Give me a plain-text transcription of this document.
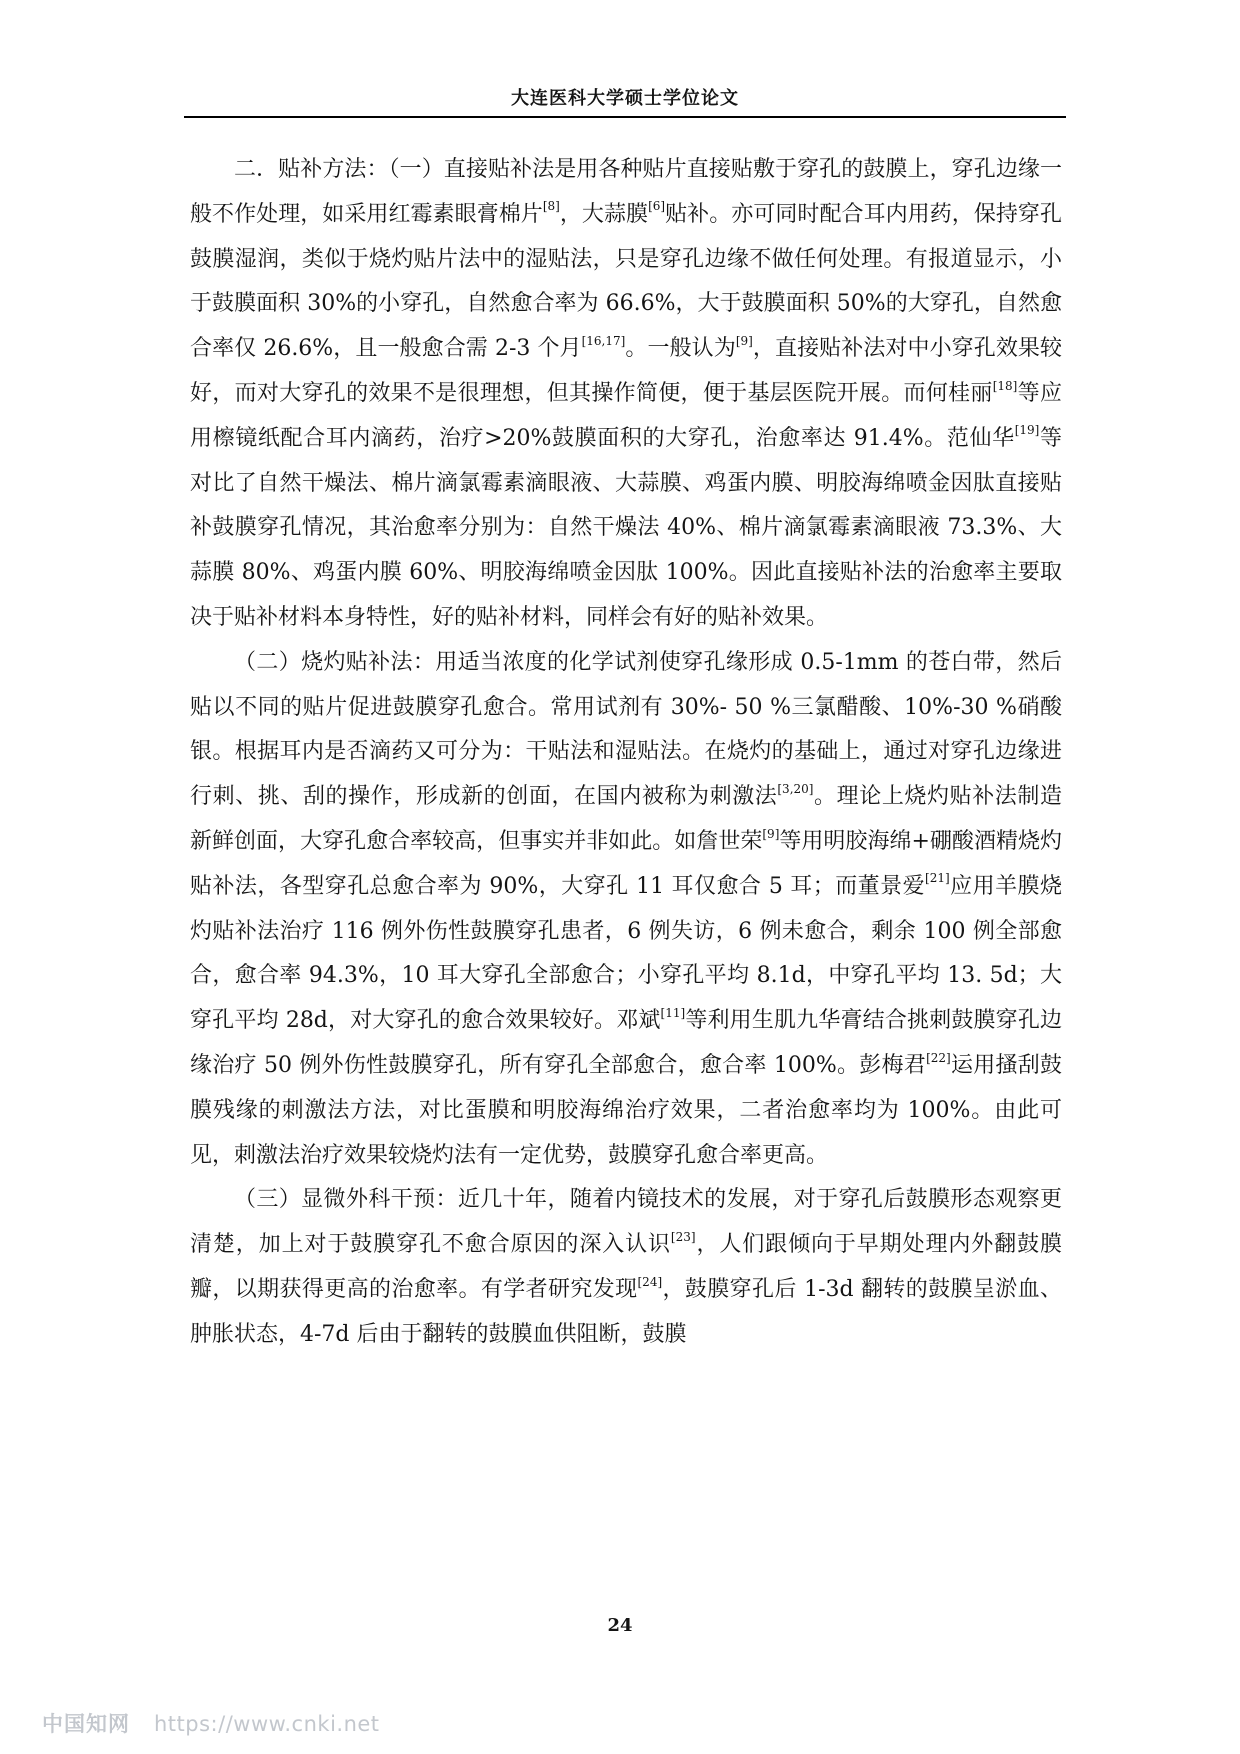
大连医科大学硕士学位论文

二．贴补方法：（一）直接贴补法是用各种贴片直接贴敷于穿孔的鼓膜上，穿孔边缘一般不作处理，如采用红霉素眼膏棉片[8]，大蒜膜[6]贴补。亦可同时配合耳内用药，保持穿孔鼓膜湿润，类似于烧灼贴片法中的湿贴法，只是穿孔边缘不做任何处理。有报道显示，小于鼓膜面积 30%的小穿孔，自然愈合率为 66.6%，大于鼓膜面积 50%的大穿孔，自然愈合率仅 26.6%，且一般愈合需 2-3 个月[16,17]。一般认为[9]，直接贴补法对中小穿孔效果较好，而对大穿孔的效果不是很理想，但其操作简便，便于基层医院开展。而何桂丽[18]等应用檫镜纸配合耳内滴药，治疗>20%鼓膜面积的大穿孔，治愈率达 91.4%。范仙华[19]等对比了自然干燥法、棉片滴氯霉素滴眼液、大蒜膜、鸡蛋内膜、明胶海绵喷金因肽直接贴补鼓膜穿孔情况，其治愈率分别为：自然干燥法 40%、棉片滴氯霉素滴眼液 73.3%、大蒜膜 80%、鸡蛋内膜 60%、明胶海绵喷金因肽 100%。因此直接贴补法的治愈率主要取决于贴补材料本身特性，好的贴补材料，同样会有好的贴补效果。

（二）烧灼贴补法：用适当浓度的化学试剂使穿孔缘形成 0.5-1mm 的苍白带，然后贴以不同的贴片促进鼓膜穿孔愈合。常用试剂有 30%- 50 %三氯醋酸、10%-30 %硝酸银。根据耳内是否滴药又可分为：干贴法和湿贴法。在烧灼的基础上，通过对穿孔边缘进行刺、挑、刮的操作，形成新的创面，在国内被称为刺激法[3,20]。理论上烧灼贴补法制造新鲜创面，大穿孔愈合率较高，但事实并非如此。如詹世荣[9]等用明胶海绵+硼酸酒精烧灼贴补法，各型穿孔总愈合率为 90%，大穿孔 11 耳仅愈合 5 耳；而董景爱[21]应用羊膜烧灼贴补法治疗 116 例外伤性鼓膜穿孔患者，6 例失访，6 例未愈合，剩余 100 例全部愈合，愈合率 94.3%，10 耳大穿孔全部愈合；小穿孔平均 8.1d，中穿孔平均 13. 5d；大穿孔平均 28d，对大穿孔的愈合效果较好。邓斌[11]等利用生肌九华膏结合挑刺鼓膜穿孔边缘治疗 50 例外伤性鼓膜穿孔，所有穿孔全部愈合，愈合率 100%。彭梅君[22]运用搔刮鼓膜残缘的刺激法方法，对比蛋膜和明胶海绵治疗效果，二者治愈率均为 100%。由此可见，刺激法治疗效果较烧灼法有一定优势，鼓膜穿孔愈合率更高。

（三）显微外科干预：近几十年，随着内镜技术的发展，对于穿孔后鼓膜形态观察更清楚，加上对于鼓膜穿孔不愈合原因的深入认识[23]，人们跟倾向于早期处理内外翻鼓膜瓣，以期获得更高的治愈率。有学者研究发现[24]，鼓膜穿孔后 1-3d 翻转的鼓膜呈淤血、肿胀状态，4-7d 后由于翻转的鼓膜血供阻断，鼓膜

24
中国知网 https://www.cnki.net
